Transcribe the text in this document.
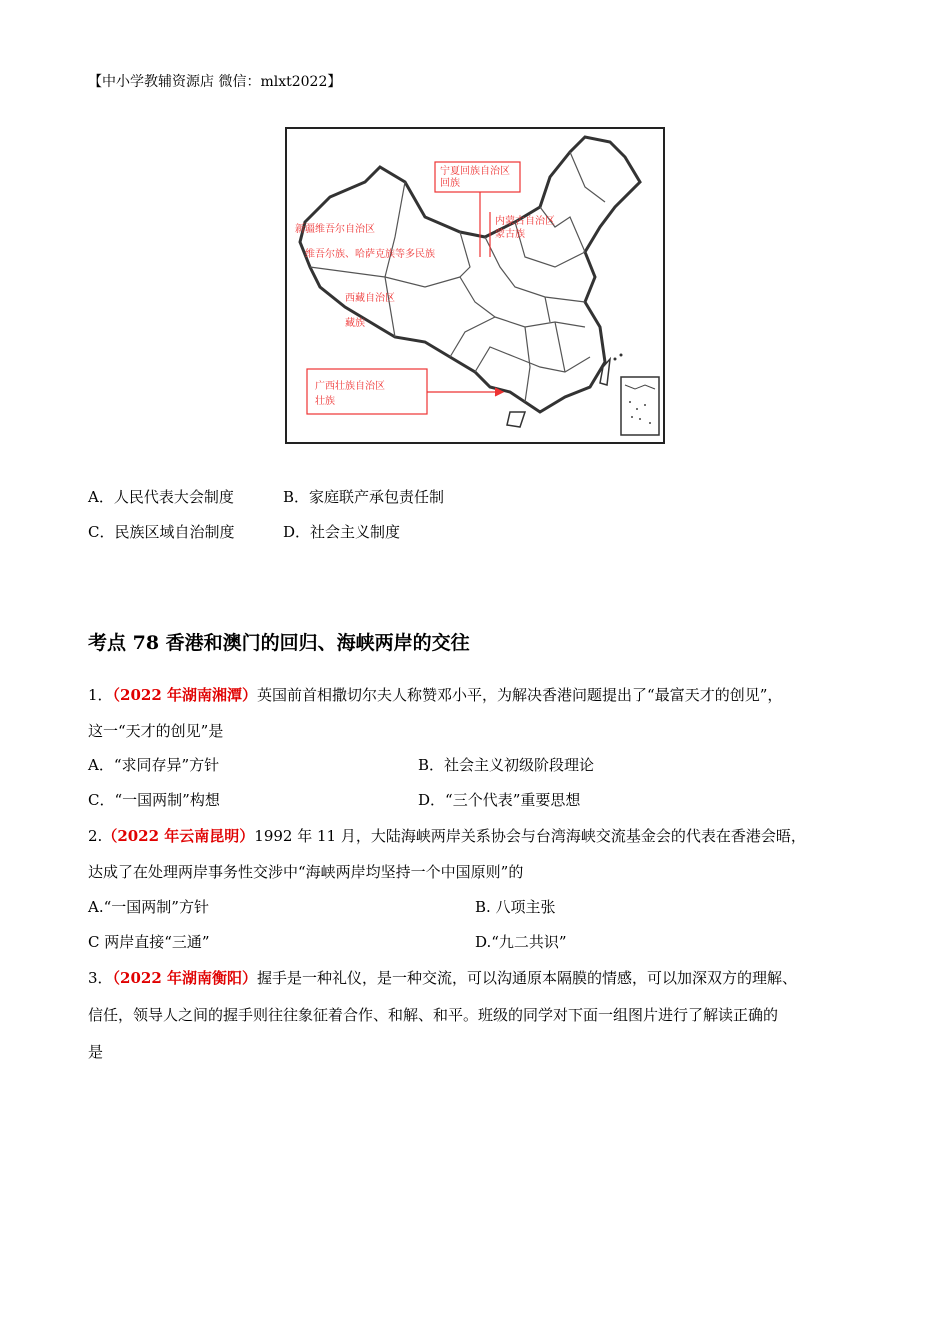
【中小学教辅资源店 微信：mlxt2022】
宁夏回族自治区
回族
内蒙古自治区
蒙古族
新疆维吾尔自治区
维吾尔族、哈萨克族等多民族
西藏自治区
藏族
广西壮族自治区
壮族
A．人民代表大会制度	B．家庭联产承包责任制
C．民族区域自治制度	D．社会主义制度
考点 78 香港和澳门的回归、海峡两岸的交往
1．（2022 年湖南湘潭）英国前首相撒切尔夫人称赞邓小平，为解决香港问题提出了“最富天才的创见”，
这一“天才的创见”是
A．“求同存异”方针	B．社会主义初级阶段理论
C．“一国两制”构想	D．“三个代表”重要思想
2.（2022 年云南昆明）1992 年 11 月，大陆海峡两岸关系协会与台湾海峡交流基金会的代表在香港会晤，
达成了在处理两岸事务性交涉中“海峡两岸均坚持一个中国原则”的
A.“一国两制”方针	B. 八项主张
C 两岸直接“三通”	D.“九二共识”
3．（2022 年湖南衡阳）握手是一种礼仪，是一种交流，可以沟通原本隔膜的情感，可以加深双方的理解、
信任，领导人之间的握手则往往象征着合作、和解、和平。班级的同学对下面一组图片进行了解读正确的
是
